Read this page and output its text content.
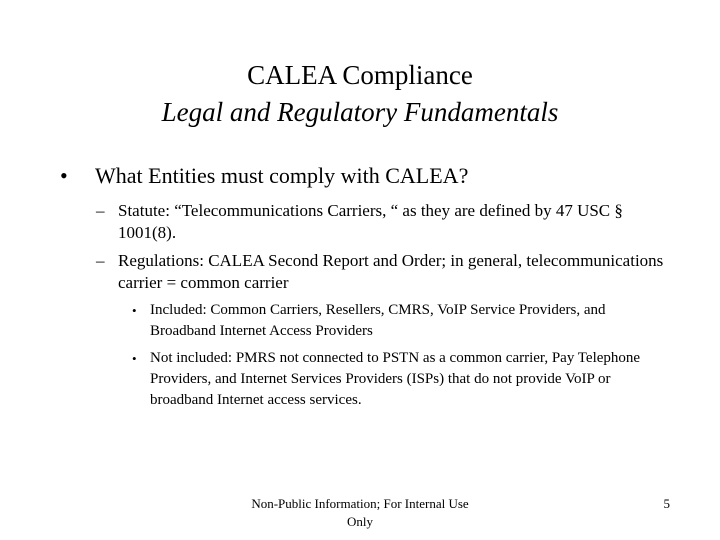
CALEA Compliance
Legal and Regulatory Fundamentals
• What Entities must comply with CALEA?
– Statute: “Telecommunications Carriers, “ as they are defined by 47 USC § 1001(8).
– Regulations: CALEA Second Report and Order; in general, telecommunications carrier = common carrier
• Included: Common Carriers, Resellers, CMRS, VoIP Service Providers, and Broadband Internet Access Providers
• Not included: PMRS not connected to PSTN as a common carrier, Pay Telephone Providers, and Internet Services Providers (ISPs) that do not provide VoIP or broadband Internet access services.
Non-Public Information; For Internal Use Only
5
